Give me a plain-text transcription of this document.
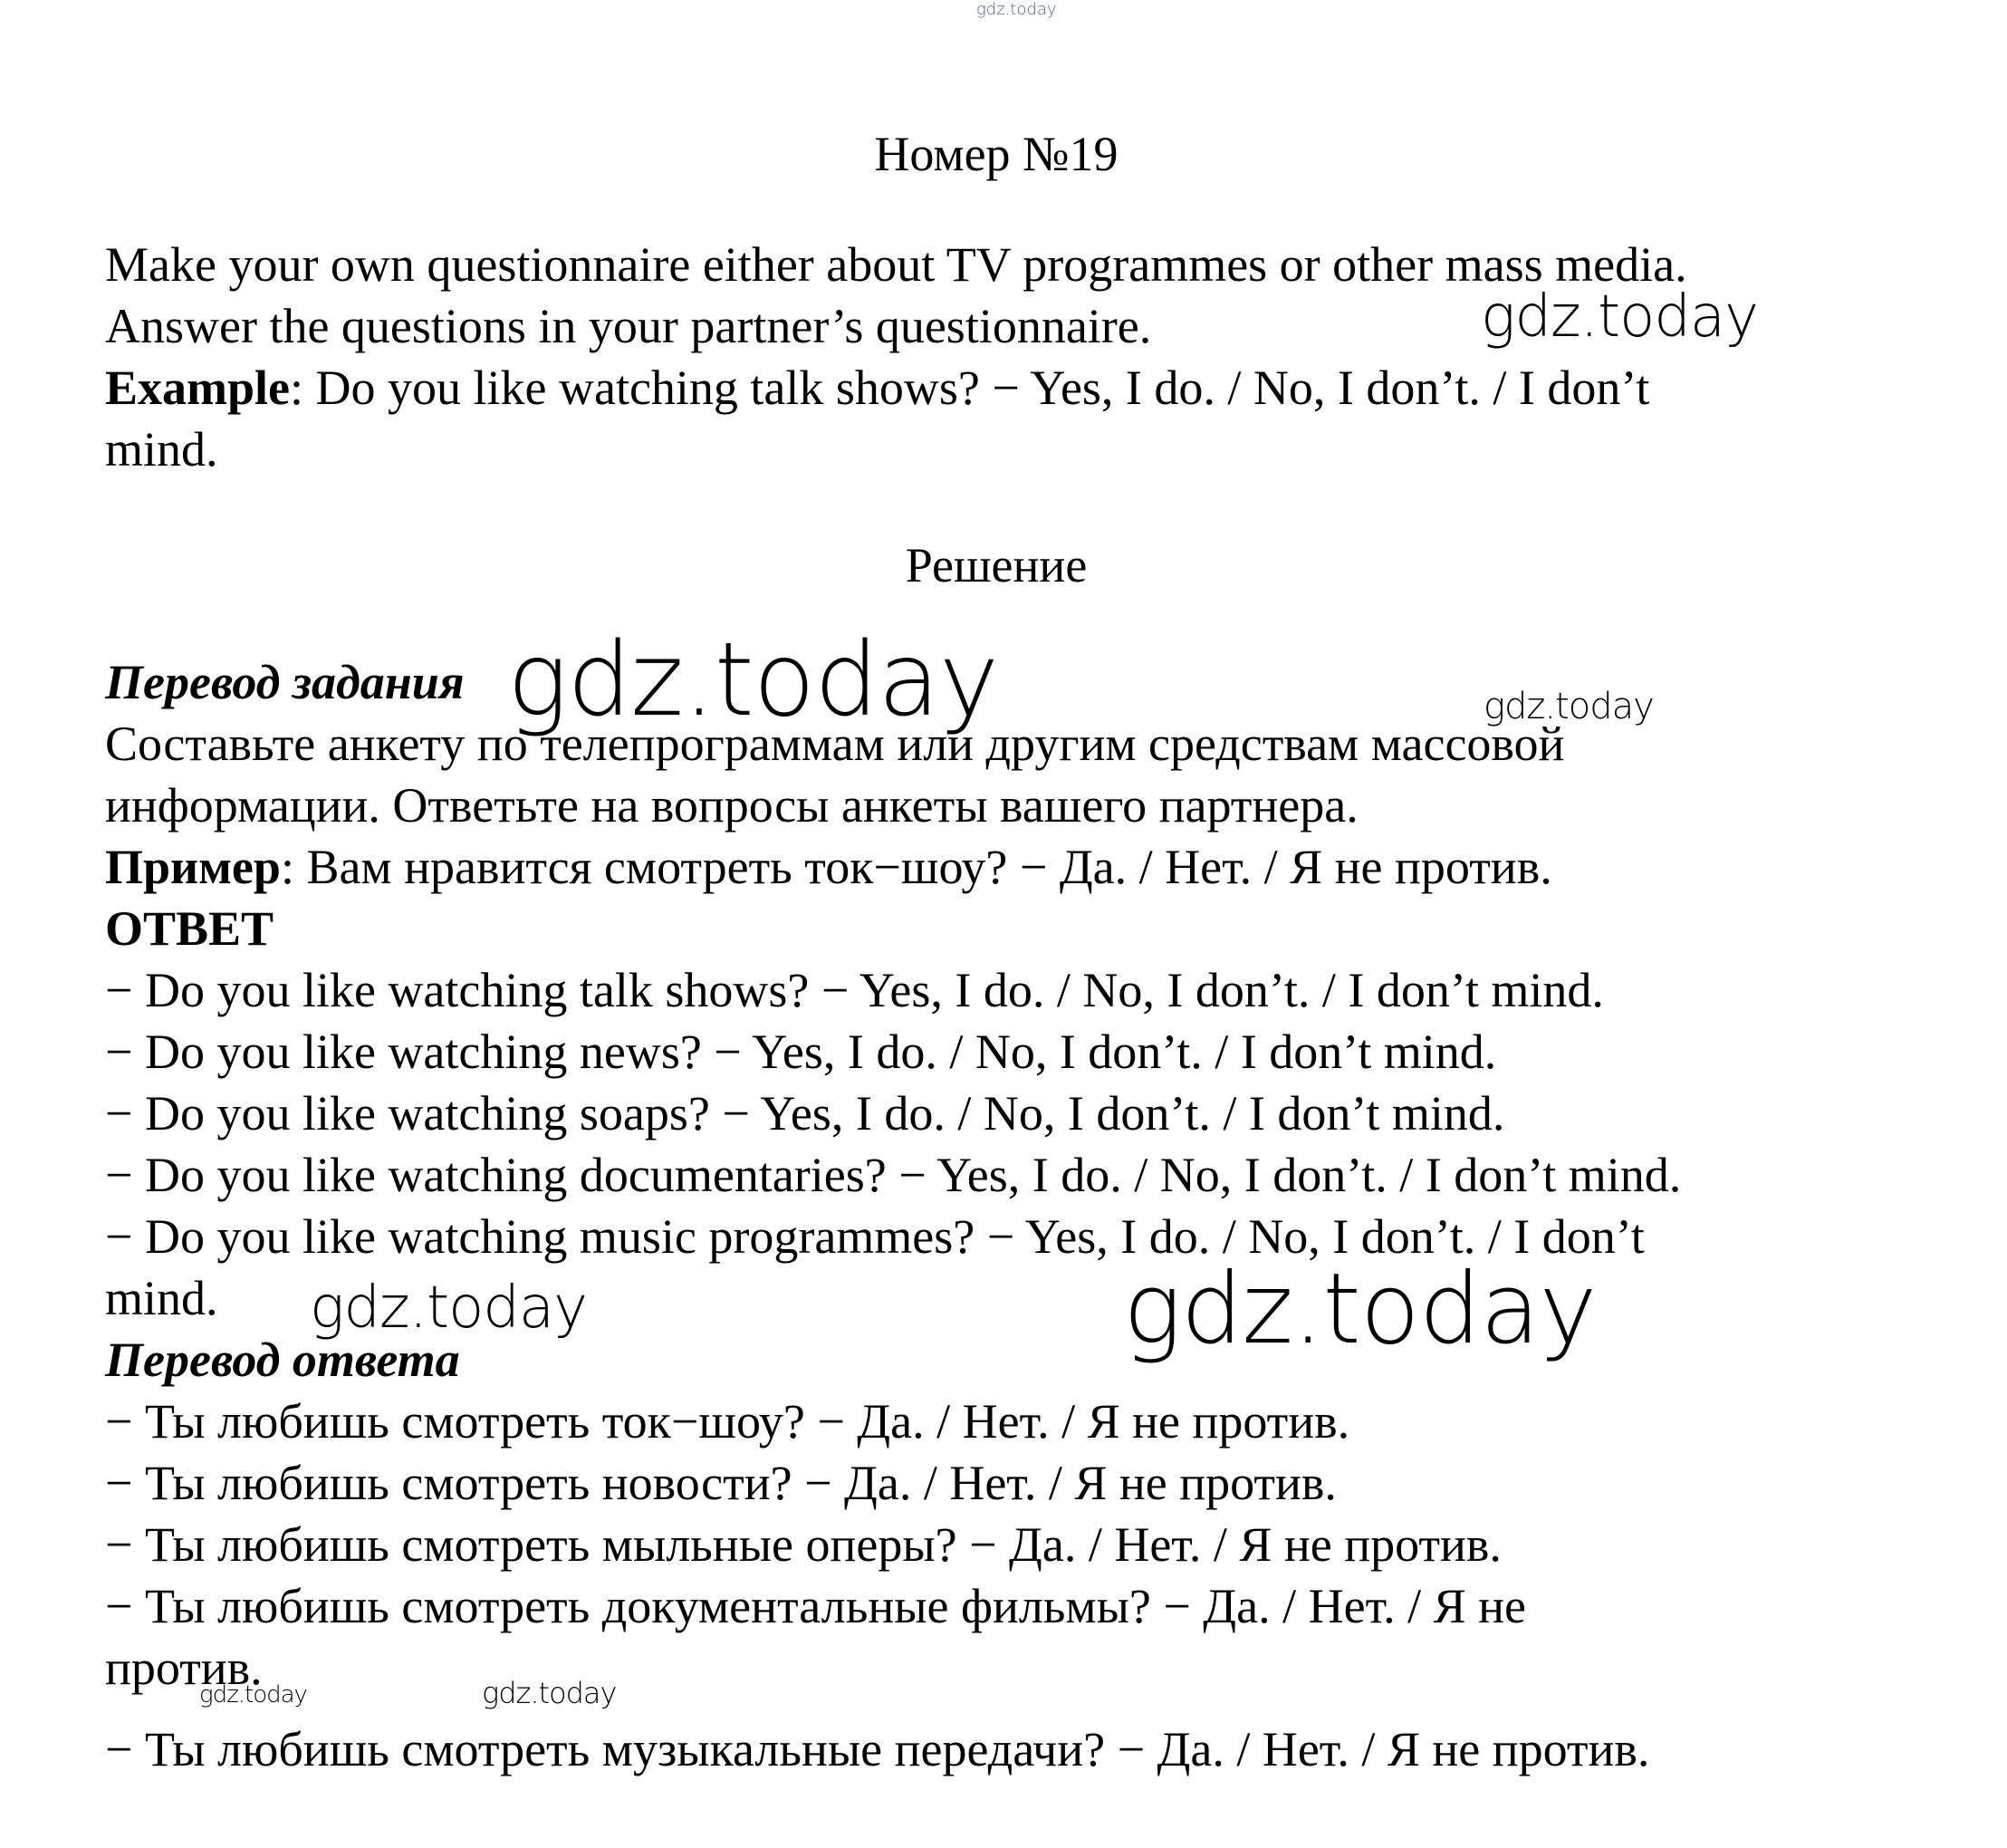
gdz.today
Номер №19
Make your own questionnaire either about TV programmes or other mass media.
Answer the questions in your partner’s questionnaire.
Example: Do you like watching talk shows? − Yes, I do. / No, I don’t. / I don’t
mind.
Решение
Перевод задания
Составьте анкету по телепрограммам или другим средствам массовой
информации. Ответьте на вопросы анкеты вашего партнера.
Пример: Вам нравится смотреть ток−шоу? − Да. / Нет. / Я не против.
ОТВЕТ
− Do you like watching talk shows? − Yes, I do. / No, I don’t. / I don’t mind.
− Do you like watching news? − Yes, I do. / No, I don’t. / I don’t mind.
− Do you like watching soaps? − Yes, I do. / No, I don’t. / I don’t mind.
− Do you like watching documentaries? − Yes, I do. / No, I don’t. / I don’t mind.
− Do you like watching music programmes? − Yes, I do. / No, I don’t. / I don’t
mind.
Перевод ответа
− Ты любишь смотреть ток−шоу? − Да. / Нет. / Я не против.
− Ты любишь смотреть новости? − Да. / Нет. / Я не против.
− Ты любишь смотреть мыльные оперы? − Да. / Нет. / Я не против.
− Ты любишь смотреть документальные фильмы? − Да. / Нет. / Я не
против.
− Ты любишь смотреть музыкальные передачи? − Да. / Нет. / Я не против.
gdz.today
gdz.today	gdz.today
gdz.today	gdz.today
gdz.today	gdz.today
